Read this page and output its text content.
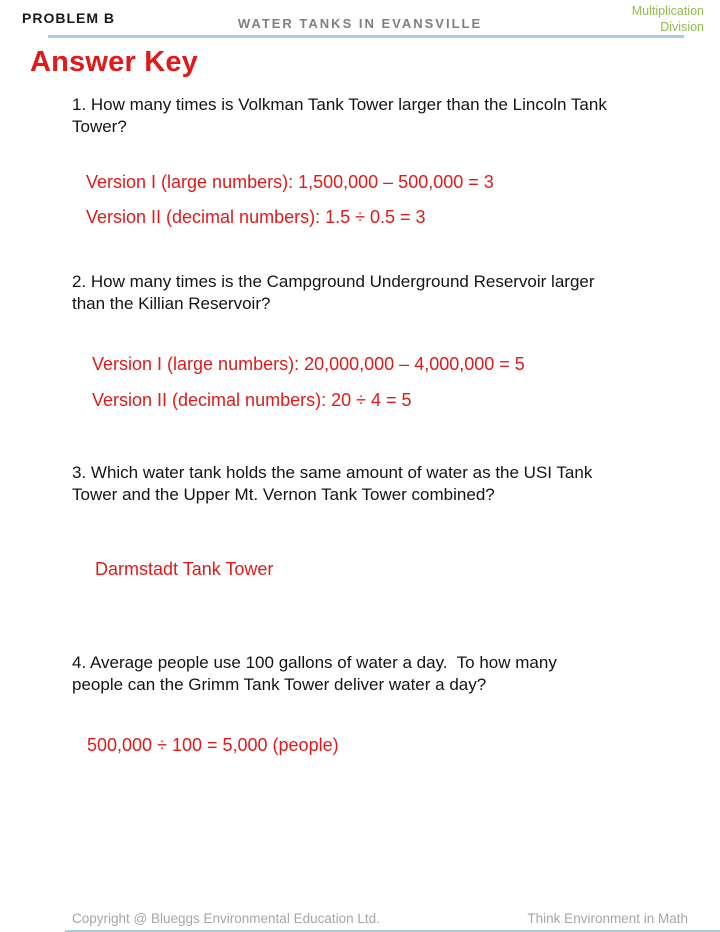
PROBLEM B	WATER TANKS IN EVANSVILLE
Multiplication
Division
Answer Key
1. How many times is Volkman Tank Tower larger than the Lincoln Tank Tower?
Version I (large numbers): 1,500,000 – 500,000 = 3
Version II (decimal numbers): 1.5 ÷ 0.5 = 3
2. How many times is the Campground Underground Reservoir larger than the Killian Reservoir?
Version I (large numbers): 20,000,000 – 4,000,000 = 5
Version II (decimal numbers): 20 ÷ 4 = 5
3. Which water tank holds the same amount of water as the USI Tank Tower and the Upper Mt. Vernon Tank Tower combined?
Darmstadt Tank Tower
4. Average people use 100 gallons of water a day.  To how many people can the Grimm Tank Tower deliver water a day?
500,000 ÷ 100 = 5,000 (people)
Copyright @ Blueggs Environmental Education Ltd.	Think Environment in Math
